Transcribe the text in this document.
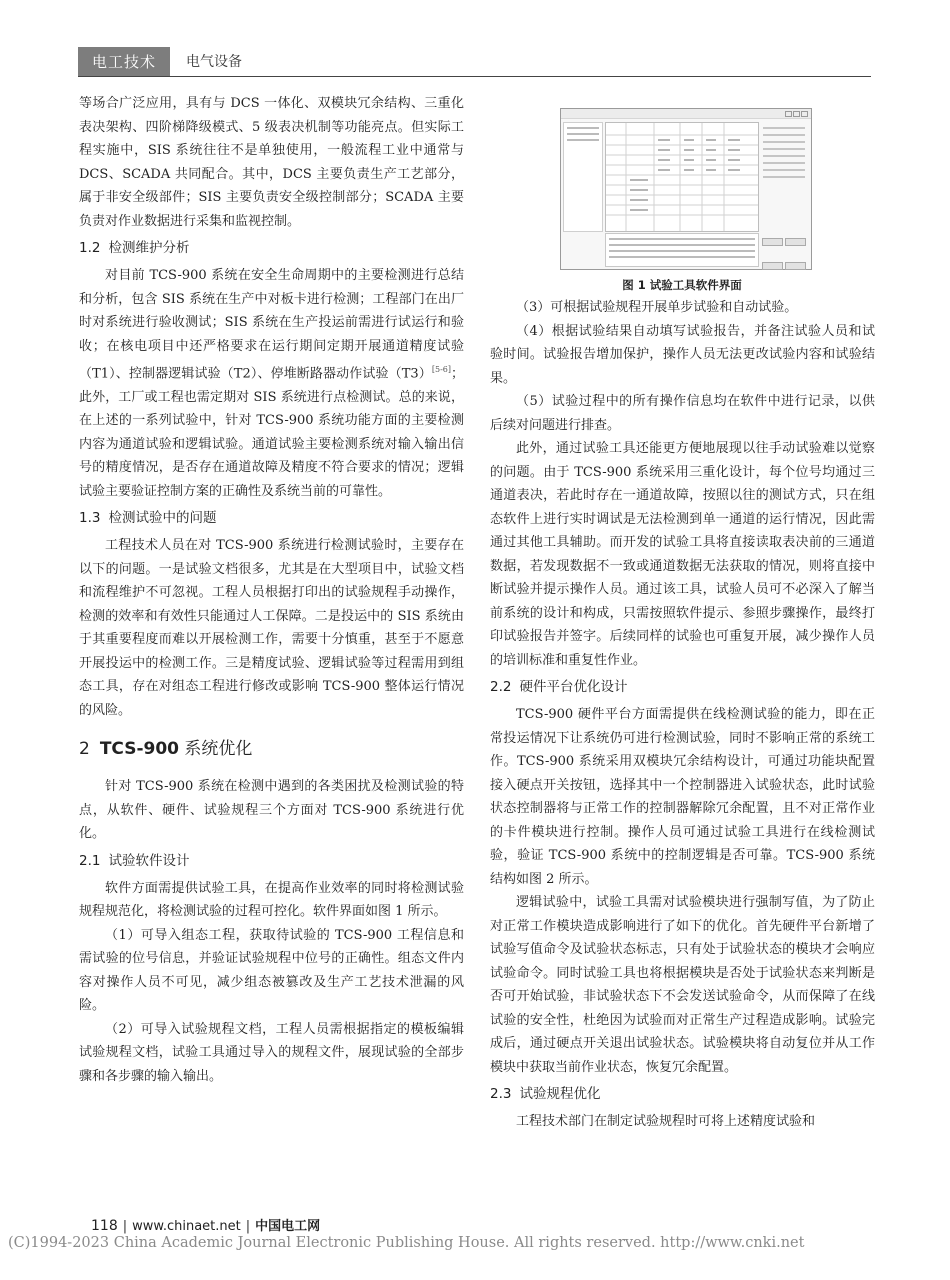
电工技术	电气设备

等场合广泛应用，具有与 DCS 一体化、双模块冗余结构、三重化表决架构、四阶梯降级模式、5 级表决机制等功能亮点。但实际工程实施中，SIS 系统往往不是单独使用，一般流程工业中通常与 DCS、SCADA 共同配合。其中，DCS 主要负责生产工艺部分，属于非安全级部件；SIS 主要负责安全级控制部分；SCADA 主要负责对作业数据进行采集和监视控制。

1.2 检测维护分析

对目前 TCS-900 系统在安全生命周期中的主要检测进行总结和分析，包含 SIS 系统在生产中对板卡进行检测；工程部门在出厂时对系统进行验收测试；SIS 系统在生产投运前需进行试运行和验收；在核电项目中还严格要求在运行期间定期开展通道精度试验（T1）、控制器逻辑试验（T2）、停堆断路器动作试验（T3）[5-6]；此外，工厂或工程也需定期对 SIS 系统进行点检测试。总的来说，在上述的一系列试验中，针对 TCS-900 系统功能方面的主要检测内容为通道试验和逻辑试验。通道试验主要检测系统对输入输出信号的精度情况，是否存在通道故障及精度不符合要求的情况；逻辑试验主要验证控制方案的正确性及系统当前的可靠性。

1.3 检测试验中的问题

工程技术人员在对 TCS-900 系统进行检测试验时，主要存在以下的问题。一是试验文档很多，尤其是在大型项目中，试验文档和流程维护不可忽视。工程人员根据打印出的试验规程手动操作，检测的效率和有效性只能通过人工保障。二是投运中的 SIS 系统由于其重要程度而难以开展检测工作，需要十分慎重，甚至于不愿意开展投运中的检测工作。三是精度试验、逻辑试验等过程需用到组态工具，存在对组态工程进行修改或影响 TCS-900 整体运行情况的风险。

2 TCS-900 系统优化

针对 TCS-900 系统在检测中遇到的各类困扰及检测试验的特点，从软件、硬件、试验规程三个方面对 TCS-900 系统进行优化。

2.1 试验软件设计

软件方面需提供试验工具，在提高作业效率的同时将检测试验规程规范化，将检测试验的过程可控化。软件界面如图 1 所示。

（1）可导入组态工程，获取待试验的 TCS-900 工程信息和需试验的位号信息，并验证试验规程中位号的正确性。组态文件内容对操作人员不可见，减少组态被篡改及生产工艺技术泄漏的风险。

（2）可导入试验规程文档，工程人员需根据指定的模板编辑试验规程文档，试验工具通过导入的规程文件，展现试验的全部步骤和各步骤的输入输出。

图 1 试验工具软件界面

（3）可根据试验规程开展单步试验和自动试验。

（4）根据试验结果自动填写试验报告，并备注试验人员和试验时间。试验报告增加保护，操作人员无法更改试验内容和试验结果。

（5）试验过程中的所有操作信息均在软件中进行记录，以供后续对问题进行排查。

此外，通过试验工具还能更方便地展现以往手动试验难以觉察的问题。由于 TCS-900 系统采用三重化设计，每个位号均通过三通道表决，若此时存在一通道故障，按照以往的测试方式，只在组态软件上进行实时调试是无法检测到单一通道的运行情况，因此需通过其他工具辅助。而开发的试验工具将直接读取表决前的三通道数据，若发现数据不一致或通道数据无法获取的情况，则将直接中断试验并提示操作人员。通过该工具，试验人员可不必深入了解当前系统的设计和构成，只需按照软件提示、参照步骤操作，最终打印试验报告并签字。后续同样的试验也可重复开展，减少操作人员的培训标准和重复性作业。

2.2 硬件平台优化设计

TCS-900 硬件平台方面需提供在线检测试验的能力，即在正常投运情况下让系统仍可进行检测试验，同时不影响正常的系统工作。TCS-900 系统采用双模块冗余结构设计，可通过功能块配置接入硬点开关按钮，选择其中一个控制器进入试验状态，此时试验状态控制器将与正常工作的控制器解除冗余配置，且不对正常作业的卡件模块进行控制。操作人员可通过试验工具进行在线检测试验，验证 TCS-900 系统中的控制逻辑是否可靠。TCS-900 系统结构如图 2 所示。

逻辑试验中，试验工具需对试验模块进行强制写值，为了防止对正常工作模块造成影响进行了如下的优化。首先硬件平台新增了试验写值命令及试验状态标志，只有处于试验状态的模块才会响应试验命令。同时试验工具也将根据模块是否处于试验状态来判断是否可开始试验，非试验状态下不会发送试验命令，从而保障了在线试验的安全性，杜绝因为试验而对正常生产过程造成影响。试验完成后，通过硬点开关退出试验状态。试验模块将自动复位并从工作模块中获取当前作业状态，恢复冗余配置。

2.3 试验规程优化

工程技术部门在制定试验规程时可将上述精度试验和

118 | www.chinaet.net | 中国电工网
(C)1994-2023 China Academic Journal Electronic Publishing House. All rights reserved. http://www.cnki.net
